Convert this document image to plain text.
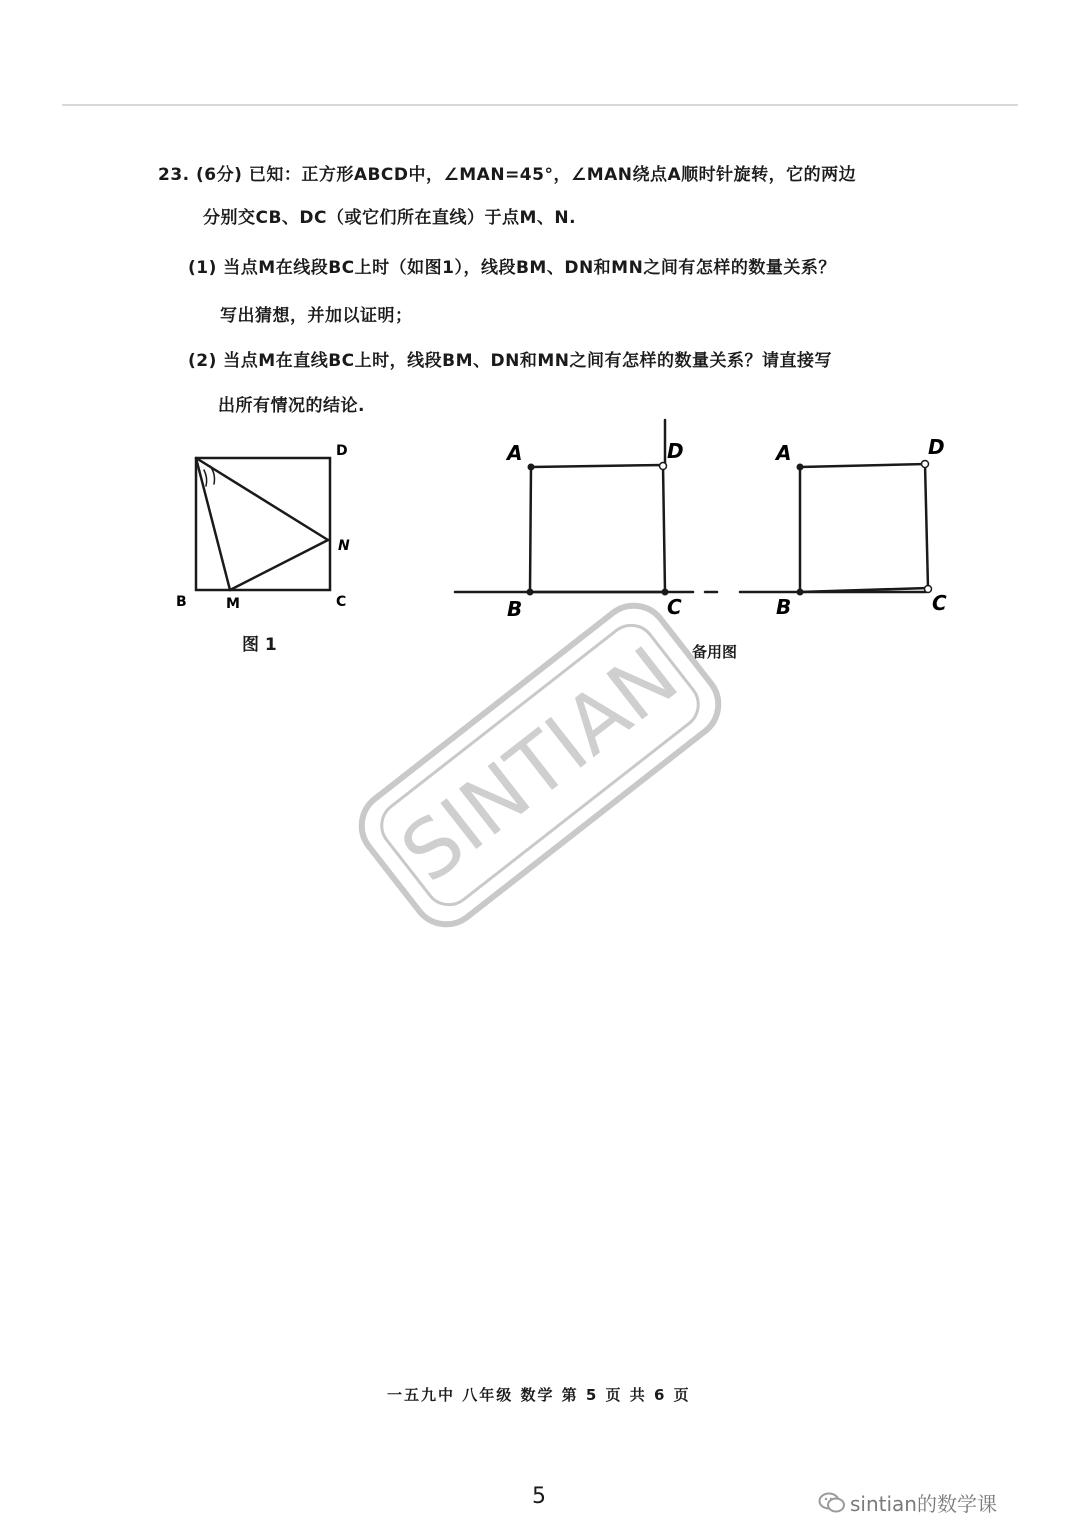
23. (6分) 已知：正方形ABCD中，∠MAN=45°，∠MAN绕点A顺时针旋转，它的两边
分别交CB、DC（或它们所在直线）于点M、N.
(1) 当点M在线段BC上时（如图1），线段BM、DN和MN之间有怎样的数量关系？
写出猜想，并加以证明；
(2) 当点M在直线BC上时，线段BM、DN和MN之间有怎样的数量关系？请直接写
出所有情况的结论.
D
N
B	M	C
图 1
A	D
B	C
A	D
B	C
备用图
SINTIAN
一五九中 八年级 数学 第 5 页 共 6 页
5	sintian的数学课
